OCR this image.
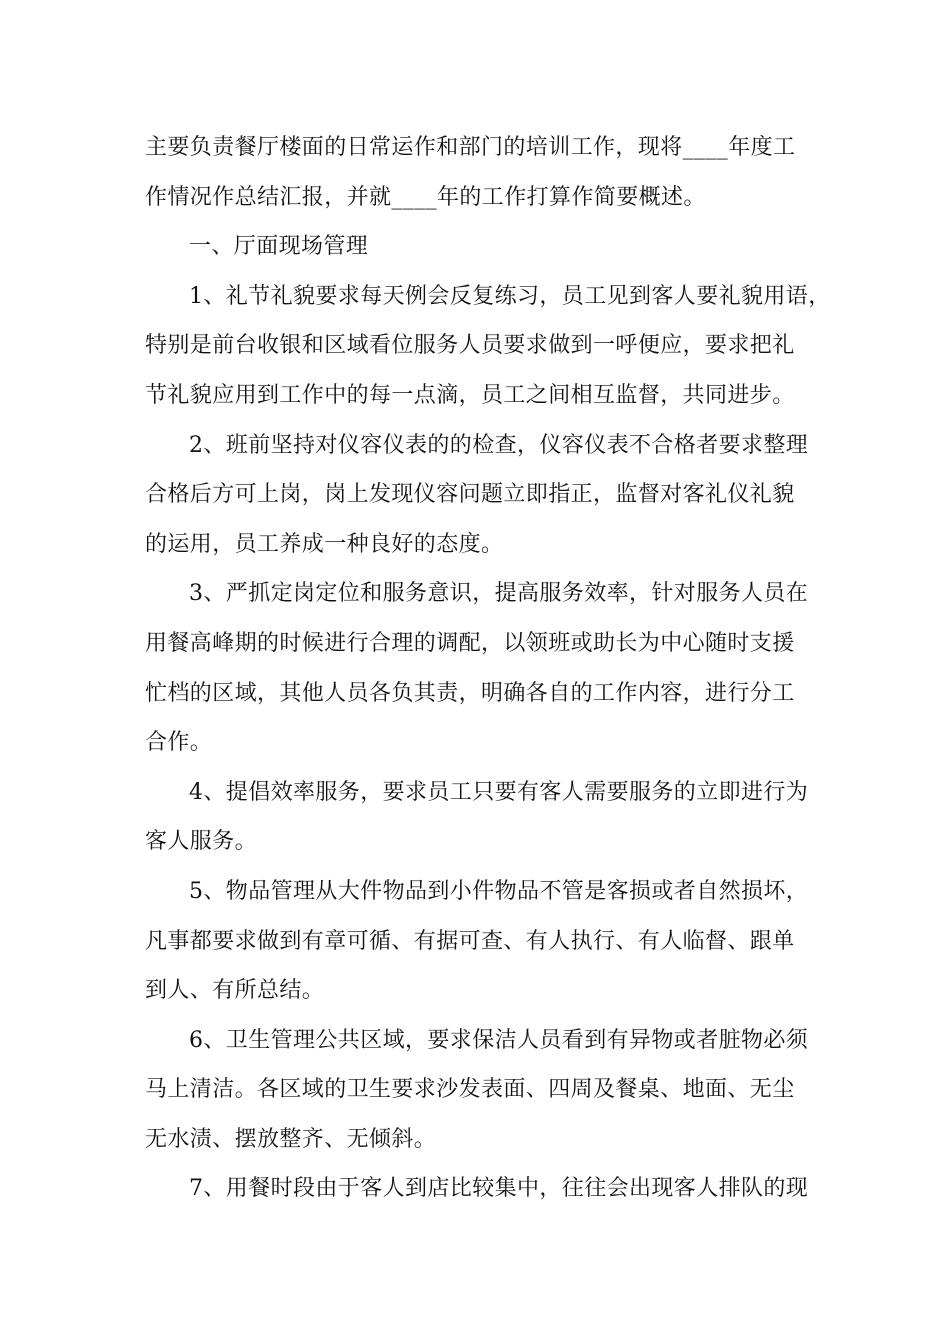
主要负责餐厅楼面的日常运作和部门的培训工作，现将____年度工
作情况作总结汇报，并就____年的工作打算作简要概述。
一、厅面现场管理
1、礼节礼貌要求每天例会反复练习，员工见到客人要礼貌用语，
特别是前台收银和区域看位服务人员要求做到一呼便应，要求把礼
节礼貌应用到工作中的每一点滴，员工之间相互监督，共同进步。
2、班前坚持对仪容仪表的的检查，仪容仪表不合格者要求整理
合格后方可上岗，岗上发现仪容问题立即指正，监督对客礼仪礼貌
的运用，员工养成一种良好的态度。
3、严抓定岗定位和服务意识，提高服务效率，针对服务人员在
用餐高峰期的时候进行合理的调配，以领班或助长为中心随时支援
忙档的区域，其他人员各负其责，明确各自的工作内容，进行分工
合作。
4、提倡效率服务，要求员工只要有客人需要服务的立即进行为
客人服务。
5、物品管理从大件物品到小件物品不管是客损或者自然损坏，
凡事都要求做到有章可循、有据可查、有人执行、有人临督、跟单
到人、有所总结。
6、卫生管理公共区域，要求保洁人员看到有异物或者脏物必须
马上清洁。各区域的卫生要求沙发表面、四周及餐桌、地面、无尘
无水渍、摆放整齐、无倾斜。
7、用餐时段由于客人到店比较集中，往往会出现客人排队的现
